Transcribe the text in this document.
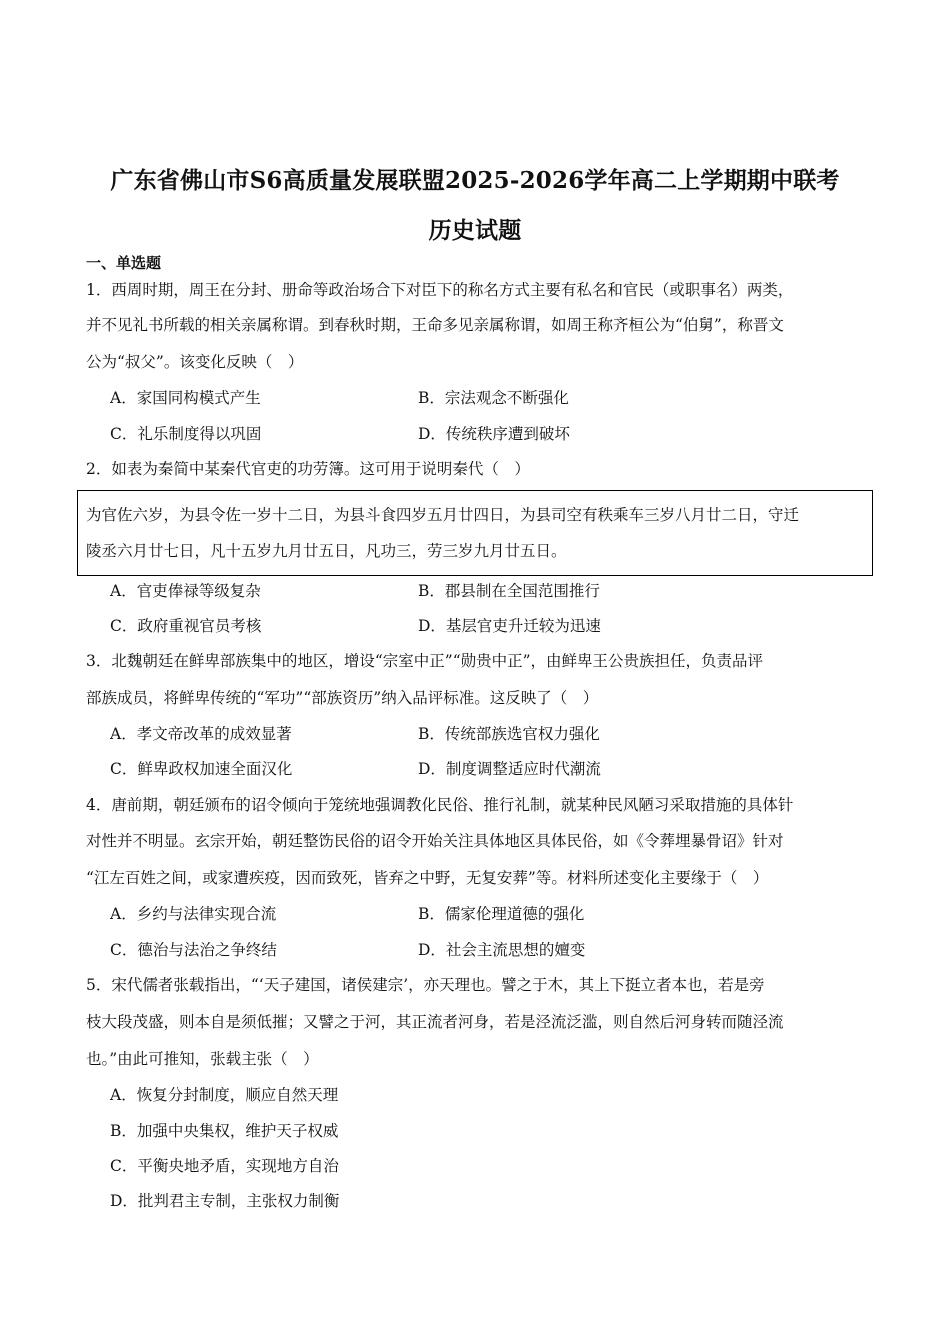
广东省佛山市S6高质量发展联盟2025-2026学年高二上学期期中联考
历史试题
一、单选题
1．西周时期，周王在分封、册命等政治场合下对臣下的称名方式主要有私名和官民（或职事名）两类，
并不见礼书所载的相关亲属称谓。到春秋时期，王命多见亲属称谓，如周王称齐桓公为“伯舅”，称晋文
公为“叔父”。该变化反映（　）
A．家国同构模式产生	B．宗法观念不断强化
C．礼乐制度得以巩固	D．传统秩序遭到破坏
2．如表为秦简中某秦代官吏的功劳簿。这可用于说明秦代（　）
为官佐六岁，为县令佐一岁十二日，为县斗食四岁五月廿四日，为县司空有秩乘车三岁八月廿二日，守迁
陵丞六月廿七日，凡十五岁九月廿五日，凡功三，劳三岁九月廿五日。
A．官吏俸禄等级复杂	B．郡县制在全国范围推行
C．政府重视官员考核	D．基层官吏升迁较为迅速
3．北魏朝廷在鲜卑部族集中的地区，增设“宗室中正”“勋贵中正”，由鲜卑王公贵族担任，负责品评
部族成员，将鲜卑传统的“军功”“部族资历”纳入品评标准。这反映了（　）
A．孝文帝改革的成效显著	B．传统部族选官权力强化
C．鲜卑政权加速全面汉化	D．制度调整适应时代潮流
4．唐前期，朝廷颁布的诏令倾向于笼统地强调教化民俗、推行礼制，就某种民风陋习采取措施的具体针
对性并不明显。玄宗开始，朝廷整饬民俗的诏令开始关注具体地区具体民俗，如《令葬埋暴骨诏》针对
“江左百姓之间，或家遭疾疫，因而致死，皆弃之中野，无复安葬”等。材料所述变化主要缘于（　）
A．乡约与法律实现合流	B．儒家伦理道德的强化
C．德治与法治之争终结	D．社会主流思想的嬗变
5．宋代儒者张载指出，“‘天子建国，诸侯建宗’，亦天理也。譬之于木，其上下挺立者本也，若是旁
枝大段茂盛，则本自是须低摧；又譬之于河，其正流者河身，若是泾流泛滥，则自然后河身转而随泾流
也。”由此可推知，张载主张（　）
A．恢复分封制度，顺应自然天理
B．加强中央集权，维护天子权威
C．平衡央地矛盾，实现地方自治
D．批判君主专制，主张权力制衡
